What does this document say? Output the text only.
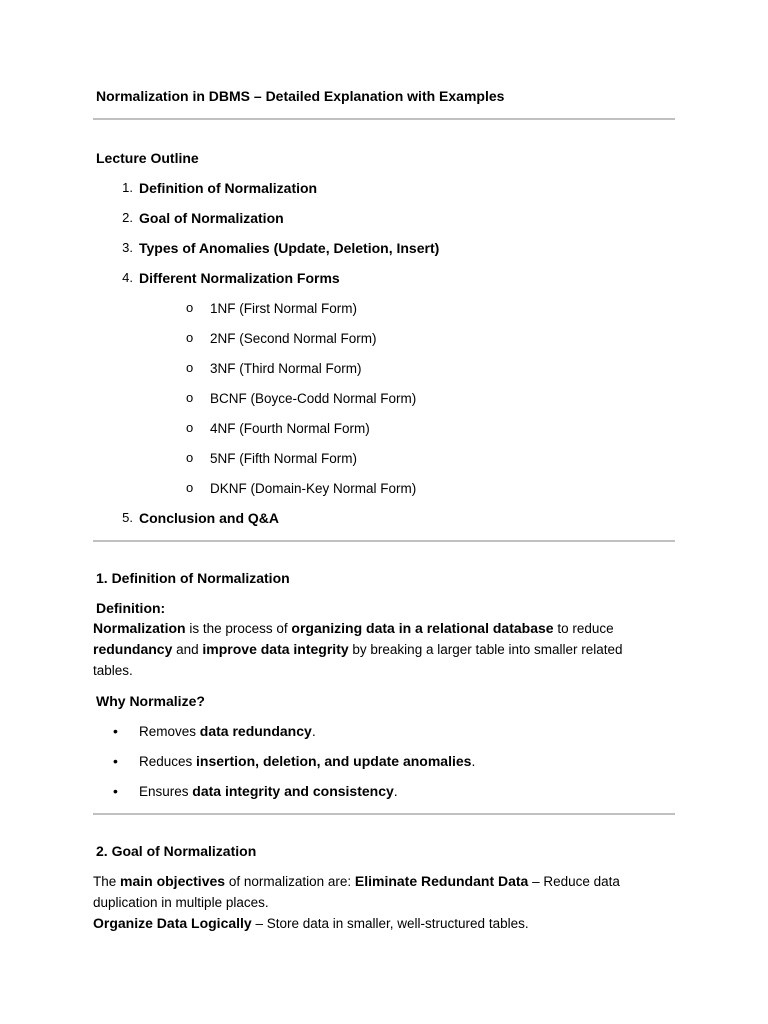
Normalization in DBMS – Detailed Explanation with Examples
Lecture Outline
1. Definition of Normalization
2. Goal of Normalization
3. Types of Anomalies (Update, Deletion, Insert)
4. Different Normalization Forms
o 1NF (First Normal Form)
o 2NF (Second Normal Form)
o 3NF (Third Normal Form)
o BCNF (Boyce-Codd Normal Form)
o 4NF (Fourth Normal Form)
o 5NF (Fifth Normal Form)
o DKNF (Domain-Key Normal Form)
5. Conclusion and Q&A
1. Definition of Normalization
Definition:

Normalization is the process of organizing data in a relational database to reduce redundancy and improve data integrity by breaking a larger table into smaller related tables.

Why Normalize?
• Removes data redundancy.
• Reduces insertion, deletion, and update anomalies.
• Ensures data integrity and consistency.
2. Goal of Normalization

The main objectives of normalization are: Eliminate Redundant Data – Reduce data duplication in multiple places.
Organize Data Logically – Store data in smaller, well-structured tables.
